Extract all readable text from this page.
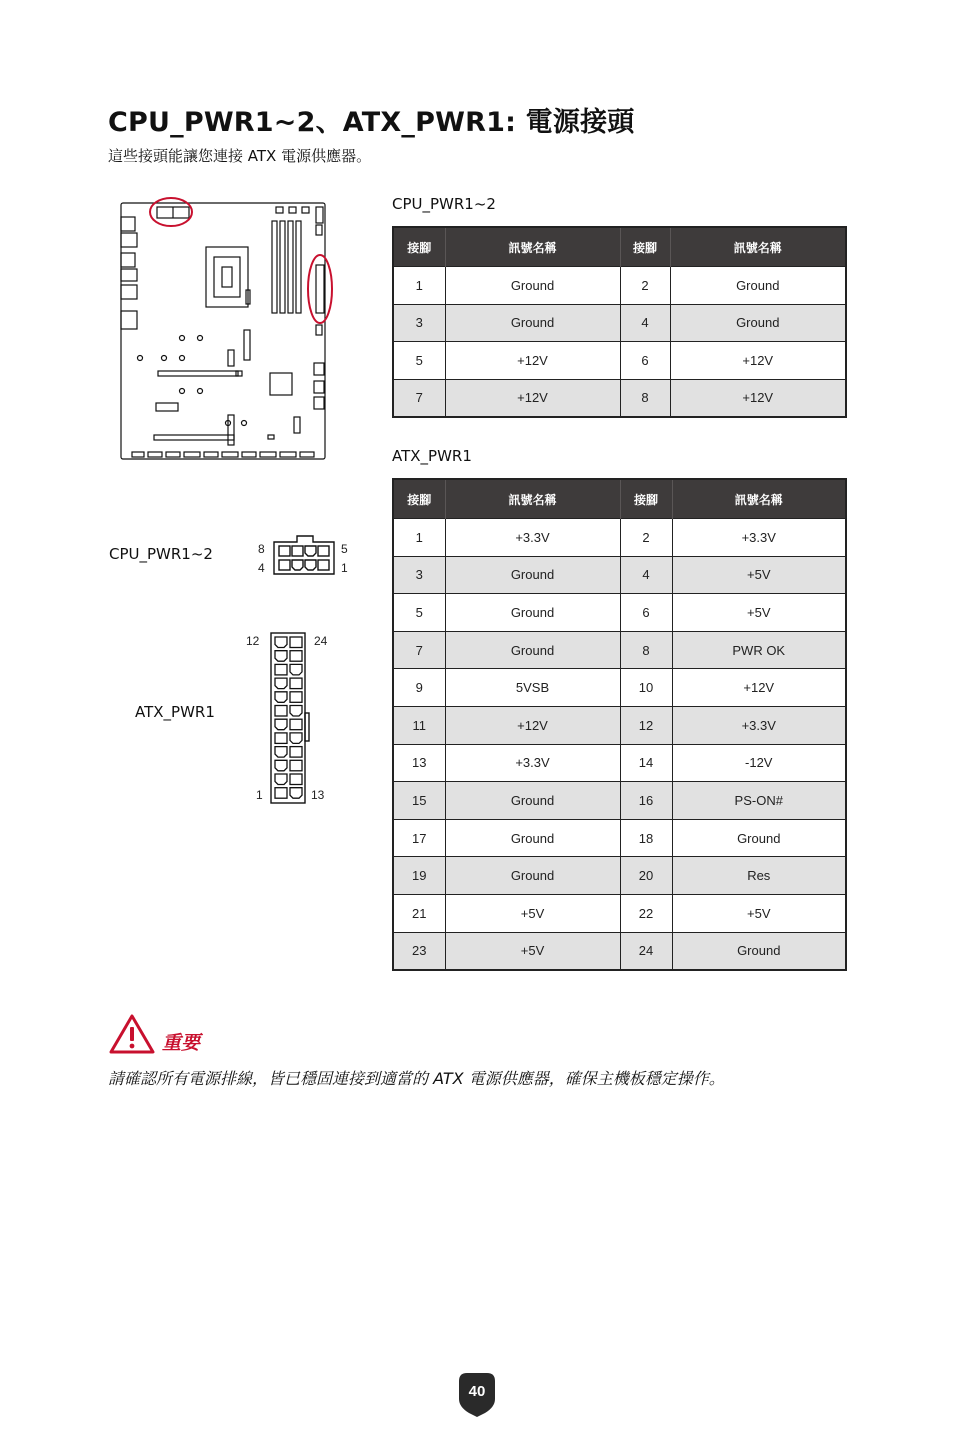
CPU_PWR1~2、ATX_PWR1: 電源接頭
這些接頭能讓您連接 ATX 電源供應器。
CPU_PWR1~2	8
4
5
1
ATX_PWR1
12	24
1	13
CPU_PWR1~2
接腳	訊號名稱	接腳	訊號名稱
1	Ground	2	Ground
3	Ground	4	Ground
5	+12V	6	+12V
7	+12V	8	+12V
ATX_PWR1
接腳	訊號名稱	接腳	訊號名稱
1	+3.3V	2	+3.3V
3	Ground	4	+5V
5	Ground	6	+5V
7	Ground	8	PWR OK
9	5VSB	10	+12V
11	+12V	12	+3.3V
13	+3.3V	14	-12V
15	Ground	16	PS-ON#
17	Ground	18	Ground
19	Ground	20	Res
21	+5V	22	+5V
23	+5V	24	Ground
重要
請確認所有電源排線，皆已穩固連接到適當的 ATX 電源供應器，確保主機板穩定操作。
40
